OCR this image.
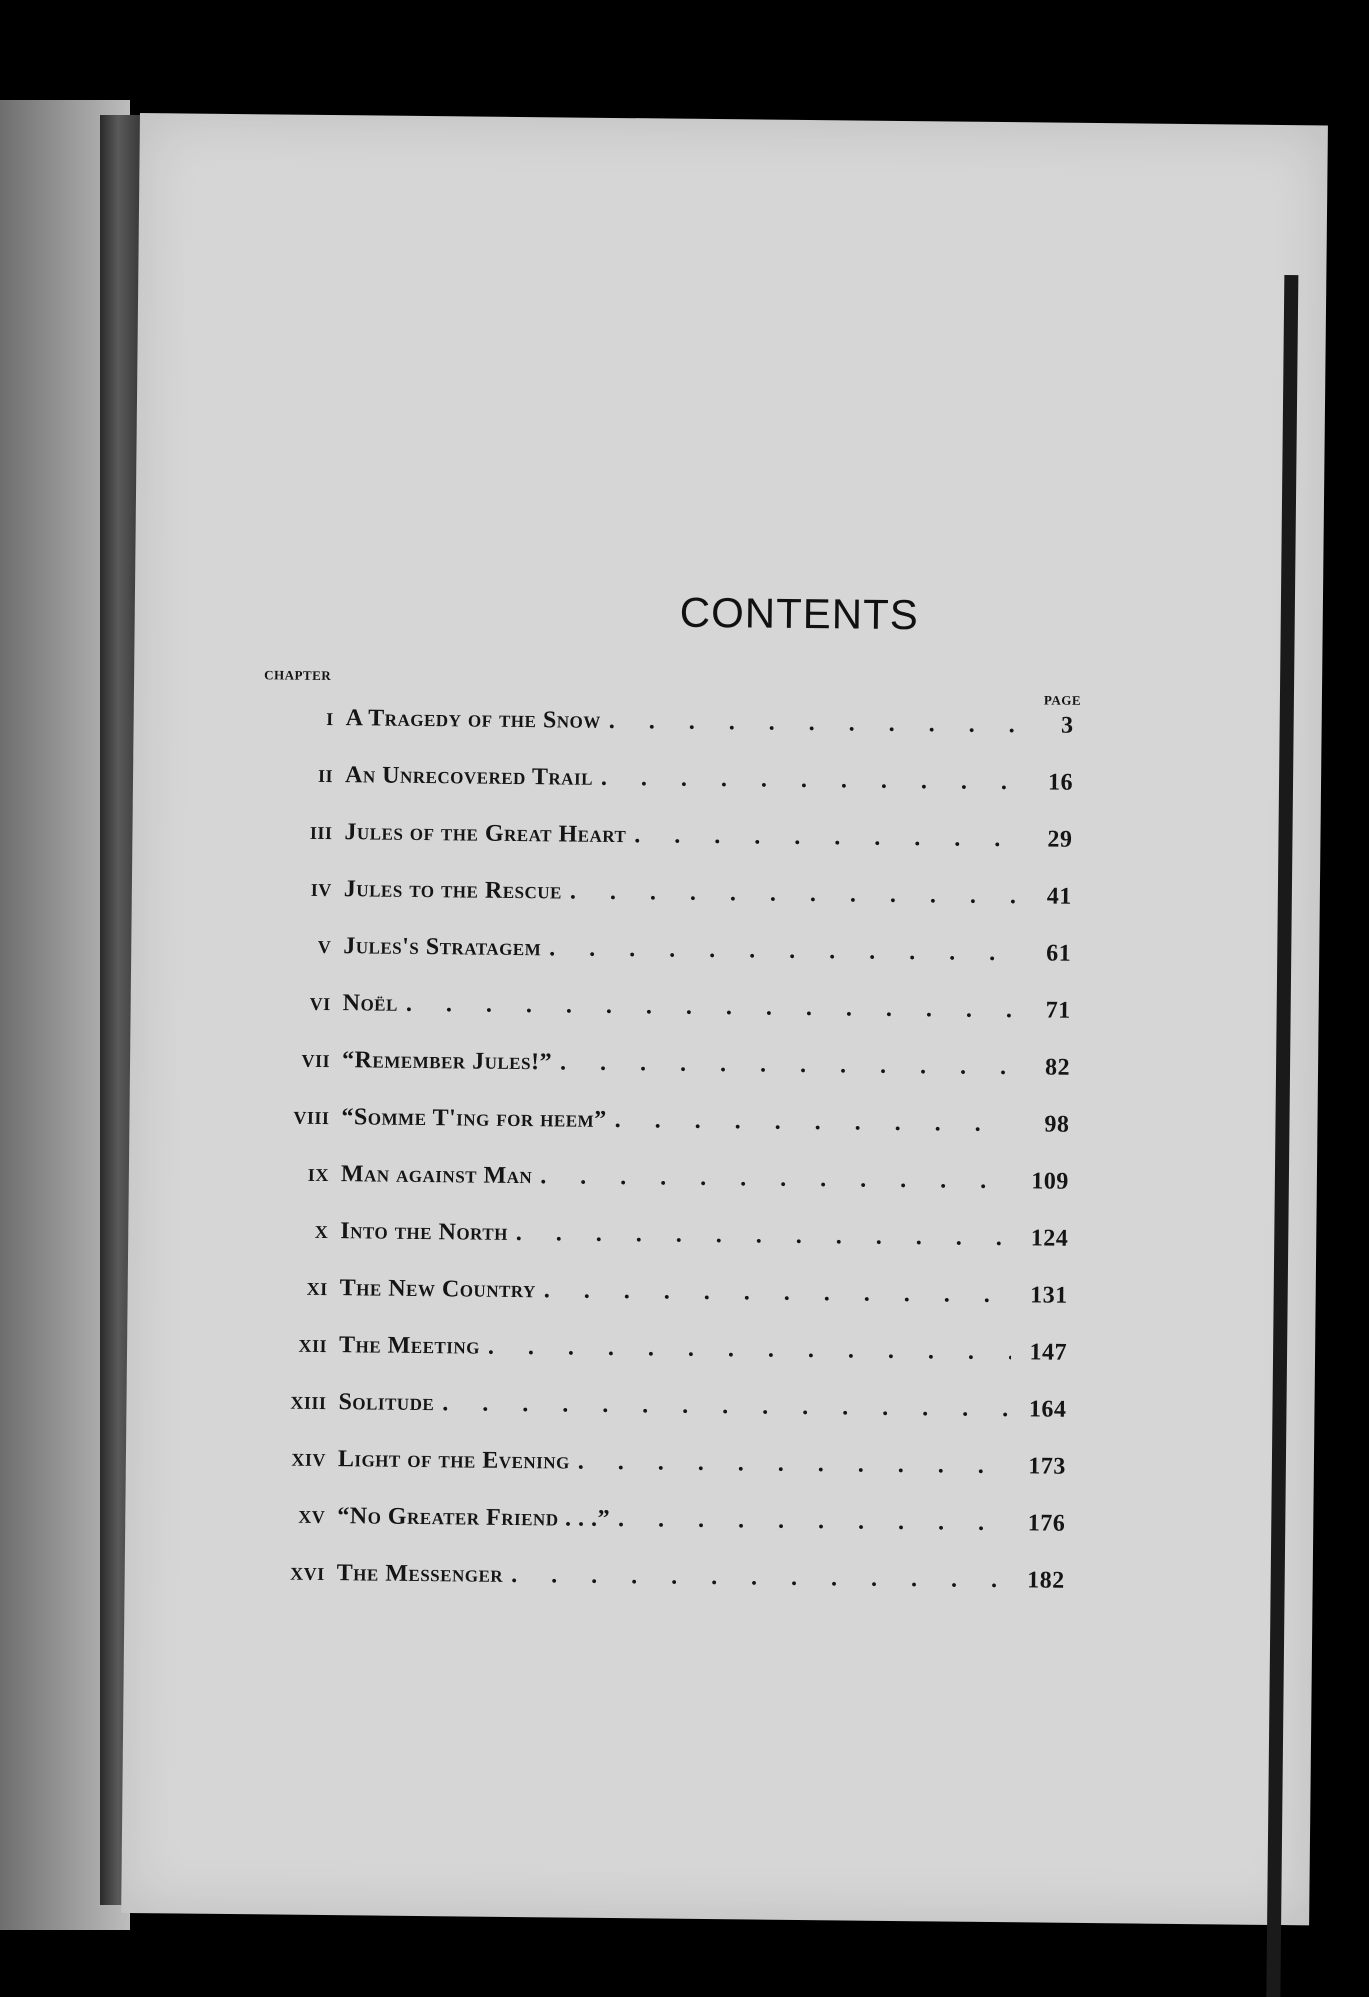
CONTENTS
CHAPTER
PAGE
I A Tragedy of the Snow . . .	3
II An Unrecovered Trail . . .	16
III Jules of the Great Heart . . .	29
IV Jules to the Rescue . . .	41
V Jules's Stratagem . . .	61
VI Noël . . .	71
VII “Remember Jules!” . . .	82
VIII “Somme T'ing for heem” . . .	98
IX Man against Man . . .	109
X Into the North . . .	124
XI The New Country . . .	131
XII The Meeting . . .	147
XIII Solitude . . .	164
XIV Light of the Evening . . .	173
XV “No Greater Friend . . .” . . .	176
XVI The Messenger . . .	182
